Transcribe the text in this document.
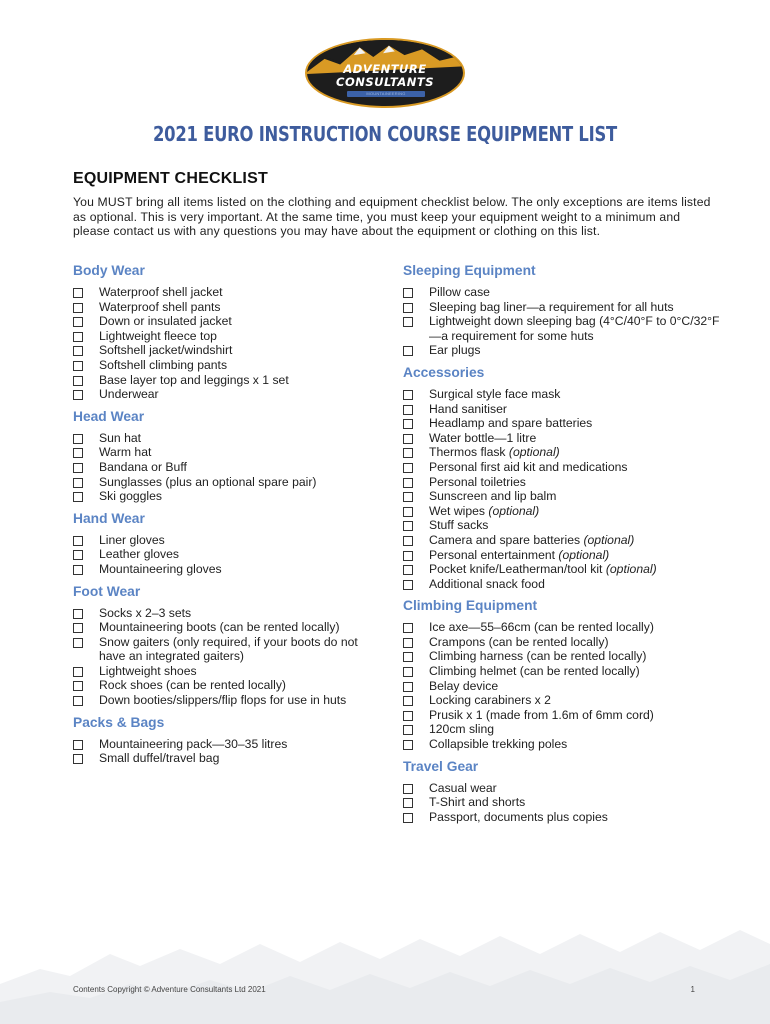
ADVENTURE
CONSULTANTS
MOUNTAINEERING
2021 EURO INSTRUCTION COURSE EQUIPMENT LIST
EQUIPMENT CHECKLIST
You MUST bring all items listed on the clothing and equipment checklist below. The only exceptions are items listed as optional. This is very important. At the same time, you must keep your equipment weight to a minimum and please contact us with any questions you may have about the equipment or clothing on this list.
Body Wear
Waterproof shell jacket
Waterproof shell pants
Down or insulated jacket
Lightweight fleece top
Softshell jacket/windshirt
Softshell climbing pants
Base layer top and leggings x 1 set
Underwear
Head Wear
Sun hat
Warm hat
Bandana or Buff
Sunglasses (plus an optional spare pair)
Ski goggles
Hand Wear
Liner gloves
Leather gloves
Mountaineering gloves
Foot Wear
Socks x 2–3 sets
Mountaineering boots (can be rented locally)
Snow gaiters (only required, if your boots do not have an integrated gaiters)
Lightweight shoes
Rock shoes (can be rented locally)
Down booties/slippers/flip flops for use in huts
Packs & Bags
Mountaineering pack—30–35 litres
Small duffel/travel bag
Sleeping Equipment
Pillow case
Sleeping bag liner—a requirement for all huts
Lightweight down sleeping bag (4°C/40°F to 0°C/32°F—a requirement for some huts
Ear plugs
Accessories
Surgical style face mask
Hand sanitiser
Headlamp and spare batteries
Water bottle—1 litre
Thermos flask (optional)
Personal first aid kit and medications
Personal toiletries
Sunscreen and lip balm
Wet wipes (optional)
Stuff sacks
Camera and spare batteries (optional)
Personal entertainment (optional)
Pocket knife/Leatherman/tool kit (optional)
Additional snack food
Climbing Equipment
Ice axe—55–66cm (can be rented locally)
Crampons (can be rented locally)
Climbing harness (can be rented locally)
Climbing helmet (can be rented locally)
Belay device
Locking carabiners x 2
Prusik x 1 (made from 1.6m of 6mm cord)
120cm sling
Collapsible trekking poles
Travel Gear
Casual wear
T-Shirt and shorts
Passport, documents plus copies
Contents Copyright © Adventure Consultants Ltd 2021	1
